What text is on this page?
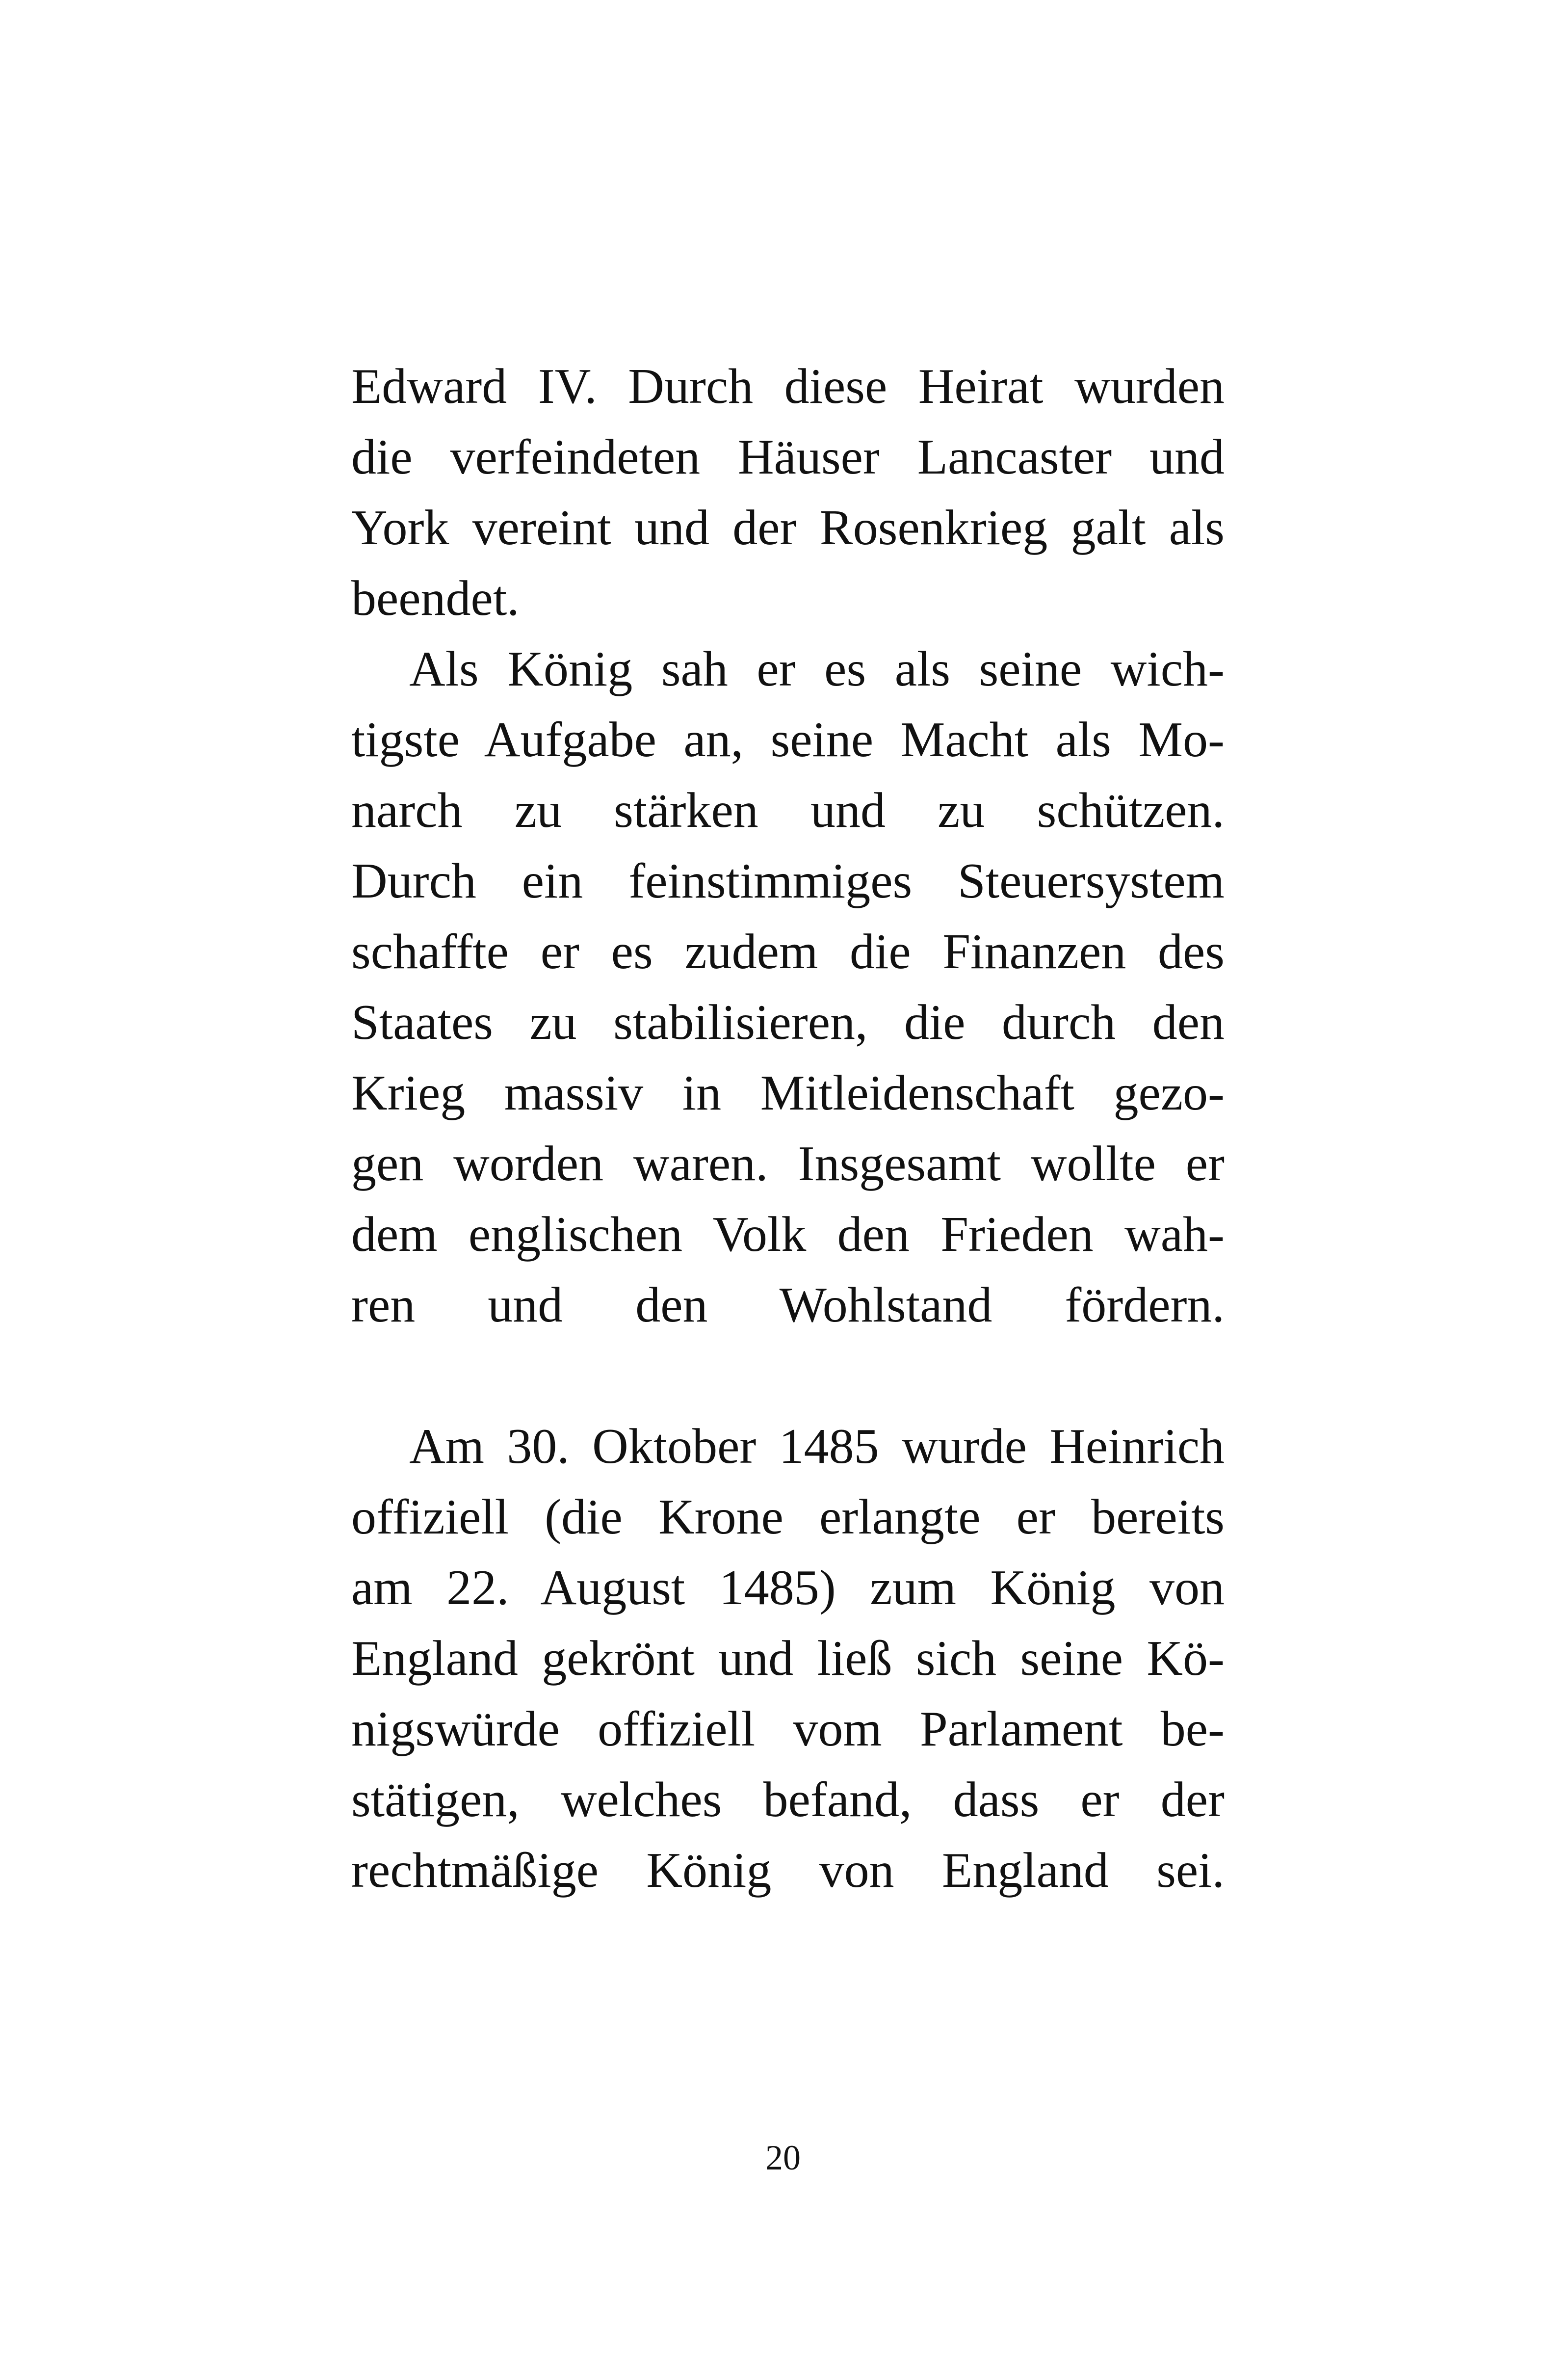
Edward IV. Durch diese Heirat wurden
die verfeindeten Häuser Lancaster und
York vereint und der Rosenkrieg galt als
beendet.
Als König sah er es als seine wich-
tigste Aufgabe an, seine Macht als Mo-
narch zu stärken und zu schützen.
Durch ein feinstimmiges Steuersystem
schaffte er es zudem die Finanzen des
Staates zu stabilisieren, die durch den
Krieg massiv in Mitleidenschaft gezo-
gen worden waren. Insgesamt wollte er
dem englischen Volk den Frieden wah-
ren und den Wohlstand fördern.
Am 30. Oktober 1485 wurde Heinrich
offiziell (die Krone erlangte er bereits
am 22. August 1485) zum König von
England gekrönt und ließ sich seine Kö-
nigswürde offiziell vom Parlament be-
stätigen, welches befand, dass er der
rechtmäßige König von England sei.
20
